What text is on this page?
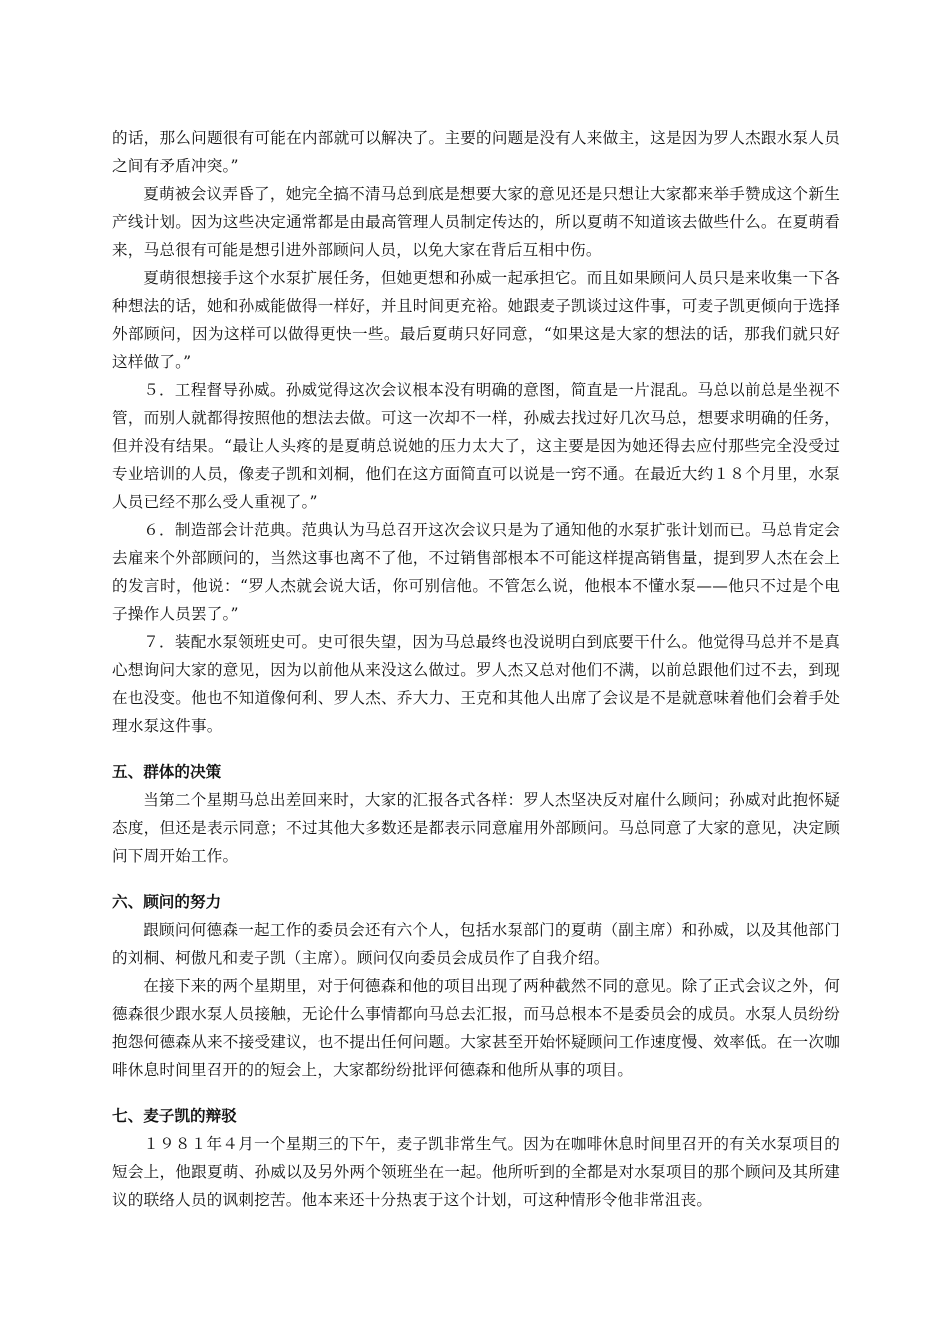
的话，那么问题很有可能在内部就可以解决了。主要的问题是没有人来做主，这是因为罗人杰跟水泵人员之间有矛盾冲突。”

夏萌被会议弄昏了，她完全搞不清马总到底是想要大家的意见还是只想让大家都来举手赞成这个新生产线计划。因为这些决定通常都是由最高管理人员制定传达的，所以夏萌不知道该去做些什么。在夏萌看来，马总很有可能是想引进外部顾问人员，以免大家在背后互相中伤。

夏萌很想接手这个水泵扩展任务，但她更想和孙威一起承担它。而且如果顾问人员只是来收集一下各种想法的话，她和孙威能做得一样好，并且时间更充裕。她跟麦子凯谈过这件事，可麦子凯更倾向于选择外部顾问，因为这样可以做得更快一些。最后夏萌只好同意，“如果这是大家的想法的话，那我们就只好这样做了。”

５．工程督导孙威。孙威觉得这次会议根本没有明确的意图，简直是一片混乱。马总以前总是坐视不管，而别人就都得按照他的想法去做。可这一次却不一样，孙威去找过好几次马总，想要求明确的任务，但并没有结果。“最让人头疼的是夏萌总说她的压力太大了，这主要是因为她还得去应付那些完全没受过专业培训的人员，像麦子凯和刘桐，他们在这方面简直可以说是一窍不通。在最近大约１８个月里，水泵人员已经不那么受人重视了。”

６．制造部会计范典。范典认为马总召开这次会议只是为了通知他的水泵扩张计划而已。马总肯定会去雇来个外部顾问的，当然这事也离不了他，不过销售部根本不可能这样提高销售量，提到罗人杰在会上的发言时，他说：“罗人杰就会说大话，你可别信他。不管怎么说，他根本不懂水泵——他只不过是个电子操作人员罢了。”

７．装配水泵领班史可。史可很失望，因为马总最终也没说明白到底要干什么。他觉得马总并不是真心想询问大家的意见，因为以前他从来没这么做过。罗人杰又总对他们不满，以前总跟他们过不去，到现在也没变。他也不知道像何利、罗人杰、乔大力、王克和其他人出席了会议是不是就意味着他们会着手处理水泵这件事。

五、群体的决策

当第二个星期马总出差回来时，大家的汇报各式各样：罗人杰坚决反对雇什么顾问；孙威对此抱怀疑态度，但还是表示同意；不过其他大多数还是都表示同意雇用外部顾问。马总同意了大家的意见，决定顾问下周开始工作。

六、顾问的努力

跟顾问何德森一起工作的委员会还有六个人，包括水泵部门的夏萌（副主席）和孙威，以及其他部门的刘桐、柯傲凡和麦子凯（主席）。顾问仅向委员会成员作了自我介绍。

在接下来的两个星期里，对于何德森和他的项目出现了两种截然不同的意见。除了正式会议之外，何德森很少跟水泵人员接触，无论什么事情都向马总去汇报，而马总根本不是委员会的成员。水泵人员纷纷抱怨何德森从来不接受建议，也不提出任何问题。大家甚至开始怀疑顾问工作速度慢、效率低。在一次咖啡休息时间里召开的的短会上，大家都纷纷批评何德森和他所从事的项目。

七、麦子凯的辩驳

１９８１年４月一个星期三的下午，麦子凯非常生气。因为在咖啡休息时间里召开的有关水泵项目的短会上，他跟夏萌、孙威以及另外两个领班坐在一起。他所听到的全都是对水泵项目的那个顾问及其所建议的联络人员的讽刺挖苦。他本来还十分热衷于这个计划，可这种情形令他非常沮丧。
